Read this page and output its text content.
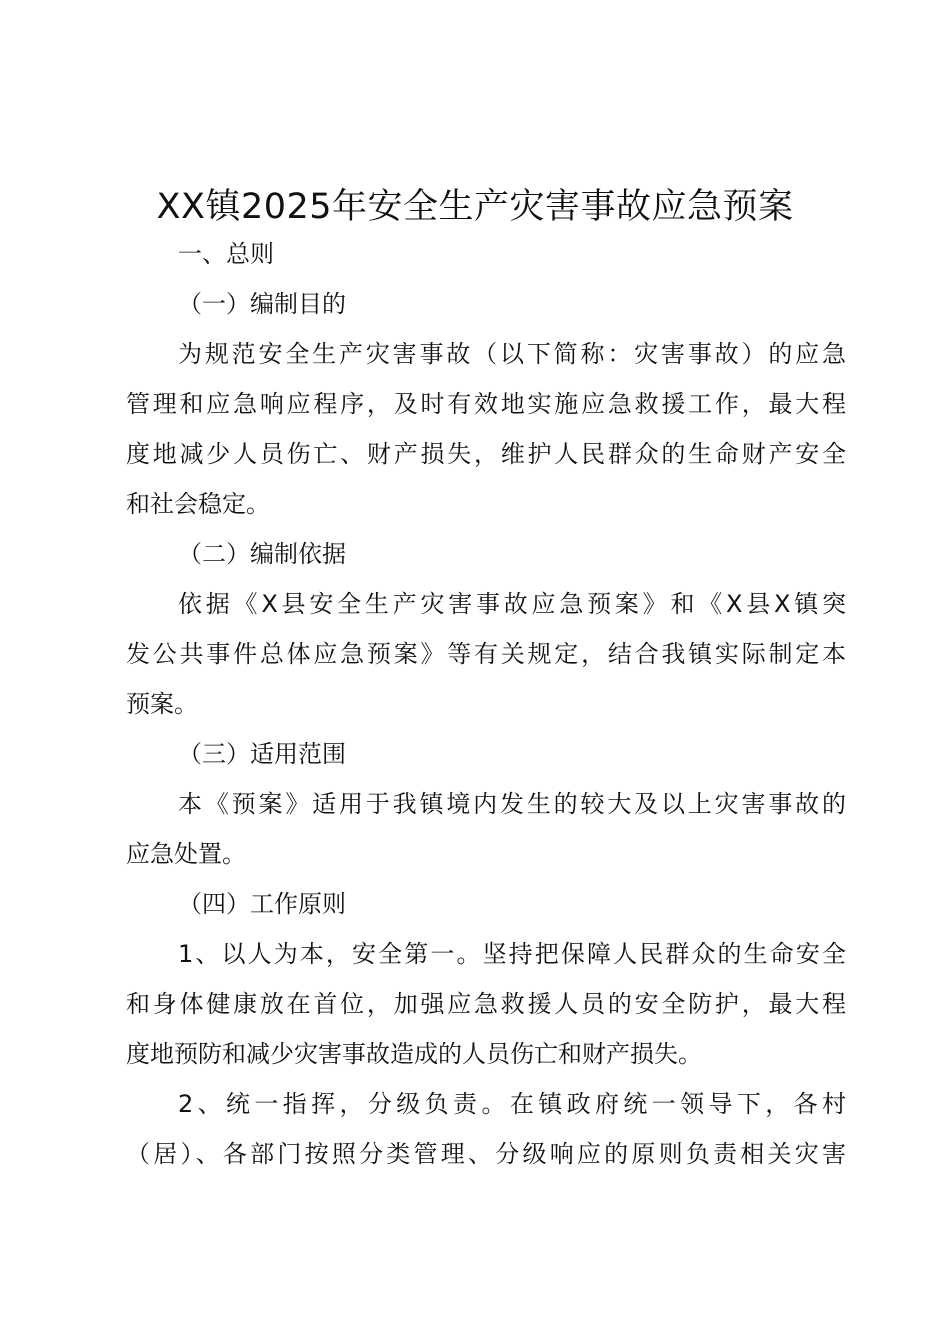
XX镇2025年安全生产灾害事故应急预案
一、总则
（一）编制目的
为规范安全生产灾害事故（以下简称：灾害事故）的应急
管理和应急响应程序，及时有效地实施应急救援工作，最大程
度地减少人员伤亡、财产损失，维护人民群众的生命财产安全
和社会稳定。
（二）编制依据
依据《X县安全生产灾害事故应急预案》和《X县X镇突
发公共事件总体应急预案》等有关规定，结合我镇实际制定本
预案。
（三）适用范围
本《预案》适用于我镇境内发生的较大及以上灾害事故的
应急处置。
（四）工作原则
1、以人为本，安全第一。坚持把保障人民群众的生命安全
和身体健康放在首位，加强应急救援人员的安全防护，最大程
度地预防和减少灾害事故造成的人员伤亡和财产损失。
2、统一指挥，分级负责。在镇政府统一领导下，各村
（居）、各部门按照分类管理、分级响应的原则负责相关灾害
